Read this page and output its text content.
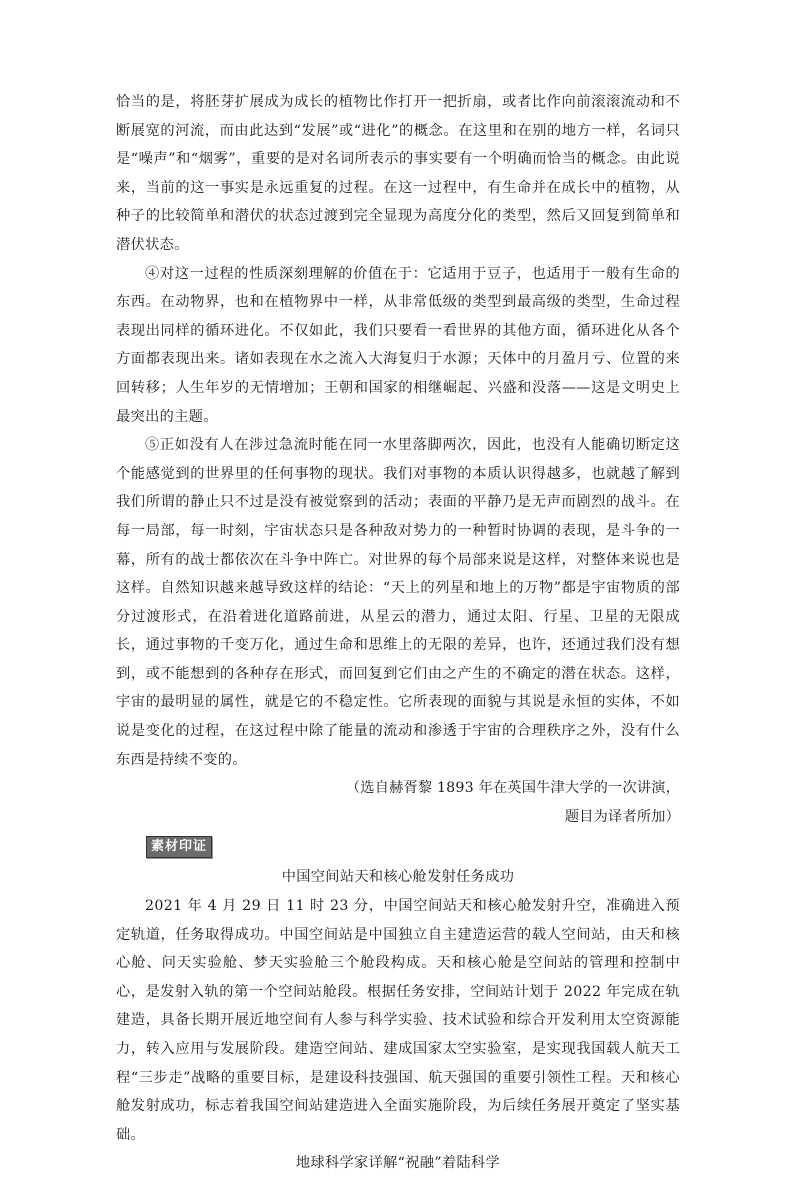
恰当的是，将胚芽扩展成为成长的植物比作打开一把折扇，或者比作向前滚滚流动和不断展宽的河流，而由此达到“发展”或“进化”的概念。在这里和在别的地方一样，名词只是“噪声”和“烟雾”，重要的是对名词所表示的事实要有一个明确而恰当的概念。由此说来，当前的这一事实是永远重复的过程。在这一过程中，有生命并在成长中的植物，从种子的比较简单和潜伏的状态过渡到完全显现为高度分化的类型，然后又回复到简单和潜伏状态。

④对这一过程的性质深刻理解的价值在于：它适用于豆子，也适用于一般有生命的东西。在动物界，也和在植物界中一样，从非常低级的类型到最高级的类型，生命过程表现出同样的循环进化。不仅如此，我们只要看一看世界的其他方面，循环进化从各个方面都表现出来。诸如表现在水之流入大海复归于水源；天体中的月盈月亏、位置的来回转移；人生年岁的无情增加；王朝和国家的相继崛起、兴盛和没落——这是文明史上最突出的主题。

⑤正如没有人在涉过急流时能在同一水里落脚两次，因此，也没有人能确切断定这个能感觉到的世界里的任何事物的现状。我们对事物的本质认识得越多，也就越了解到我们所谓的静止只不过是没有被觉察到的活动；表面的平静乃是无声而剧烈的战斗。在每一局部，每一时刻，宇宙状态只是各种敌对势力的一种暂时协调的表现，是斗争的一幕，所有的战士都依次在斗争中阵亡。对世界的每个局部来说是这样，对整体来说也是这样。自然知识越来越导致这样的结论：“天上的列星和地上的万物”都是宇宙物质的部分过渡形式，在沿着进化道路前进，从星云的潜力，通过太阳、行星、卫星的无限成长，通过事物的千变万化，通过生命和思维上的无限的差异，也许，还通过我们没有想到，或不能想到的各种存在形式，而回复到它们由之产生的不确定的潜在状态。这样，宇宙的最明显的属性，就是它的不稳定性。它所表现的面貌与其说是永恒的实体，不如说是变化的过程，在这过程中除了能量的流动和渗透于宇宙的合理秩序之外，没有什么东西是持续不变的。

（选自赫胥黎 1893 年在英国牛津大学的一次讲演，

题目为译者所加）

素材印证

中国空间站天和核心舱发射任务成功

2021 年 4 月 29 日 11 时 23 分，中国空间站天和核心舱发射升空，准确进入预定轨道，任务取得成功。中国空间站是中国独立自主建造运营的载人空间站，由天和核心舱、问天实验舱、梦天实验舱三个舱段构成。天和核心舱是空间站的管理和控制中心，是发射入轨的第一个空间站舱段。根据任务安排，空间站计划于 2022 年完成在轨建造，具备长期开展近地空间有人参与科学实验、技术试验和综合开发利用太空资源能力，转入应用与发展阶段。建造空间站、建成国家太空实验室，是实现我国载人航天工程“三步走”战略的重要目标，是建设科技强国、航天强国的重要引领性工程。天和核心舱发射成功，标志着我国空间站建造进入全面实施阶段，为后续任务展开奠定了坚实基础。

地球科学家详解“祝融”着陆科学
